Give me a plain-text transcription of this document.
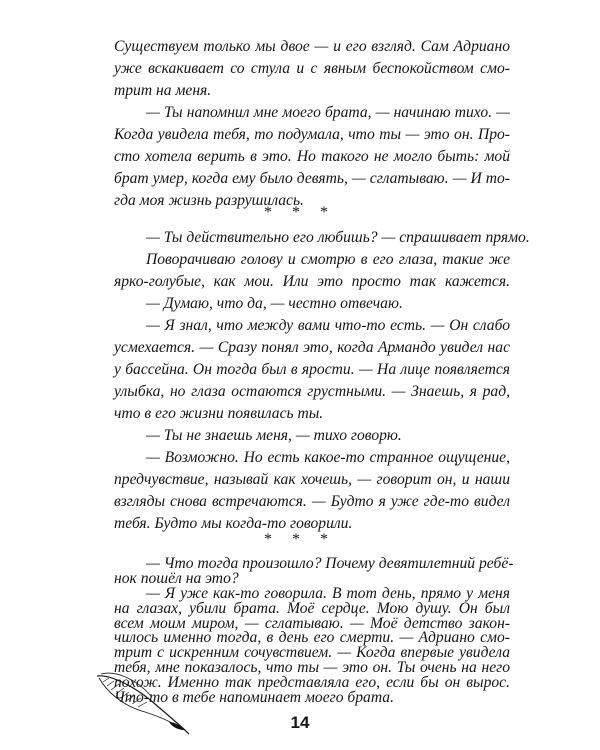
Существуем только мы двое — и его взгляд. Сам Адриано
уже вскакивает со стула и с явным беспокойством смо-
трит на меня.
— Ты напомнил мне моего брата, — начинаю тихо. —
Когда увидела тебя, то подумала, что ты — это он. Про-
сто хотела верить в это. Но такого не могло быть: мой
брат умер, когда ему было девять, — сглатываю. — И то-
гда моя жизнь разрушилась.
* * *
— Ты действительно его любишь? — спрашивает прямо.
Поворачиваю голову и смотрю в его глаза, такие же
ярко-голубые, как мои. Или это просто так кажется.
— Думаю, что да, — честно отвечаю.
— Я знал, что между вами что-то есть. — Он слабо
усмехается. — Сразу понял это, когда Армандо увидел нас
у бассейна. Он тогда был в ярости. — На лице появляется
улыбка, но глаза остаются грустными. — Знаешь, я рад,
что в его жизни появилась ты.
— Ты не знаешь меня, — тихо говорю.
— Возможно. Но есть какое-то странное ощущение,
предчувствие, называй как хочешь, — говорит он, и наши
взгляды снова встречаются. — Будто я уже где-то видел
тебя. Будто мы когда-то говорили.
* * *
— Что тогда произошло? Почему девятилетний ребё-
нок пошёл на это?
— Я уже как-то говорила. В тот день, прямо у меня
на глазах, убили брата. Моё сердце. Мою душу. Он был
всем моим миром, — сглатываю. — Моё детство закон-
чилось именно тогда, в день его смерти. — Адриано смо-
трит с искренним сочувствием. — Когда впервые увидела
тебя, мне показалось, что ты — это он. Ты очень на него
похож. Именно так представляла его, если бы он вырос.
Что-то в тебе напоминает моего брата.
14
